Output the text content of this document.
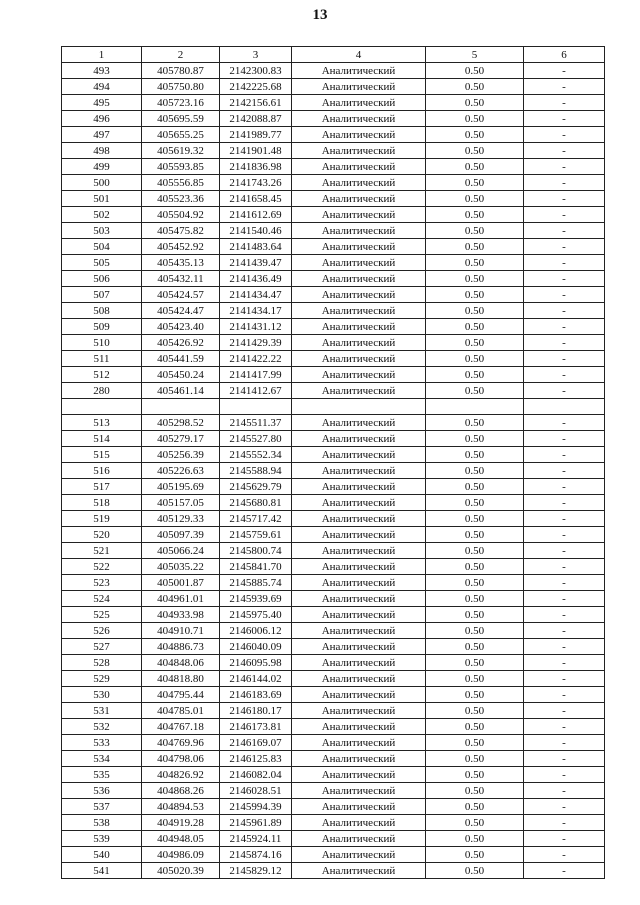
13
1	2	3	4	5	6
493	405780.87	2142300.83	Аналитический	0.50	-
494	405750.80	2142225.68	Аналитический	0.50	-
495	405723.16	2142156.61	Аналитический	0.50	-
496	405695.59	2142088.87	Аналитический	0.50	-
497	405655.25	2141989.77	Аналитический	0.50	-
498	405619.32	2141901.48	Аналитический	0.50	-
499	405593.85	2141836.98	Аналитический	0.50	-
500	405556.85	2141743.26	Аналитический	0.50	-
501	405523.36	2141658.45	Аналитический	0.50	-
502	405504.92	2141612.69	Аналитический	0.50	-
503	405475.82	2141540.46	Аналитический	0.50	-
504	405452.92	2141483.64	Аналитический	0.50	-
505	405435.13	2141439.47	Аналитический	0.50	-
506	405432.11	2141436.49	Аналитический	0.50	-
507	405424.57	2141434.47	Аналитический	0.50	-
508	405424.47	2141434.17	Аналитический	0.50	-
509	405423.40	2141431.12	Аналитический	0.50	-
510	405426.92	2141429.39	Аналитический	0.50	-
511	405441.59	2141422.22	Аналитический	0.50	-
512	405450.24	2141417.99	Аналитический	0.50	-
280	405461.14	2141412.67	Аналитический	0.50	-

513	405298.52	2145511.37	Аналитический	0.50	-
514	405279.17	2145527.80	Аналитический	0.50	-
515	405256.39	2145552.34	Аналитический	0.50	-
516	405226.63	2145588.94	Аналитический	0.50	-
517	405195.69	2145629.79	Аналитический	0.50	-
518	405157.05	2145680.81	Аналитический	0.50	-
519	405129.33	2145717.42	Аналитический	0.50	-
520	405097.39	2145759.61	Аналитический	0.50	-
521	405066.24	2145800.74	Аналитический	0.50	-
522	405035.22	2145841.70	Аналитический	0.50	-
523	405001.87	2145885.74	Аналитический	0.50	-
524	404961.01	2145939.69	Аналитический	0.50	-
525	404933.98	2145975.40	Аналитический	0.50	-
526	404910.71	2146006.12	Аналитический	0.50	-
527	404886.73	2146040.09	Аналитический	0.50	-
528	404848.06	2146095.98	Аналитический	0.50	-
529	404818.80	2146144.02	Аналитический	0.50	-
530	404795.44	2146183.69	Аналитический	0.50	-
531	404785.01	2146180.17	Аналитический	0.50	-
532	404767.18	2146173.81	Аналитический	0.50	-
533	404769.96	2146169.07	Аналитический	0.50	-
534	404798.06	2146125.83	Аналитический	0.50	-
535	404826.92	2146082.04	Аналитический	0.50	-
536	404868.26	2146028.51	Аналитический	0.50	-
537	404894.53	2145994.39	Аналитический	0.50	-
538	404919.28	2145961.89	Аналитический	0.50	-
539	404948.05	2145924.11	Аналитический	0.50	-
540	404986.09	2145874.16	Аналитический	0.50	-
541	405020.39	2145829.12	Аналитический	0.50	-
